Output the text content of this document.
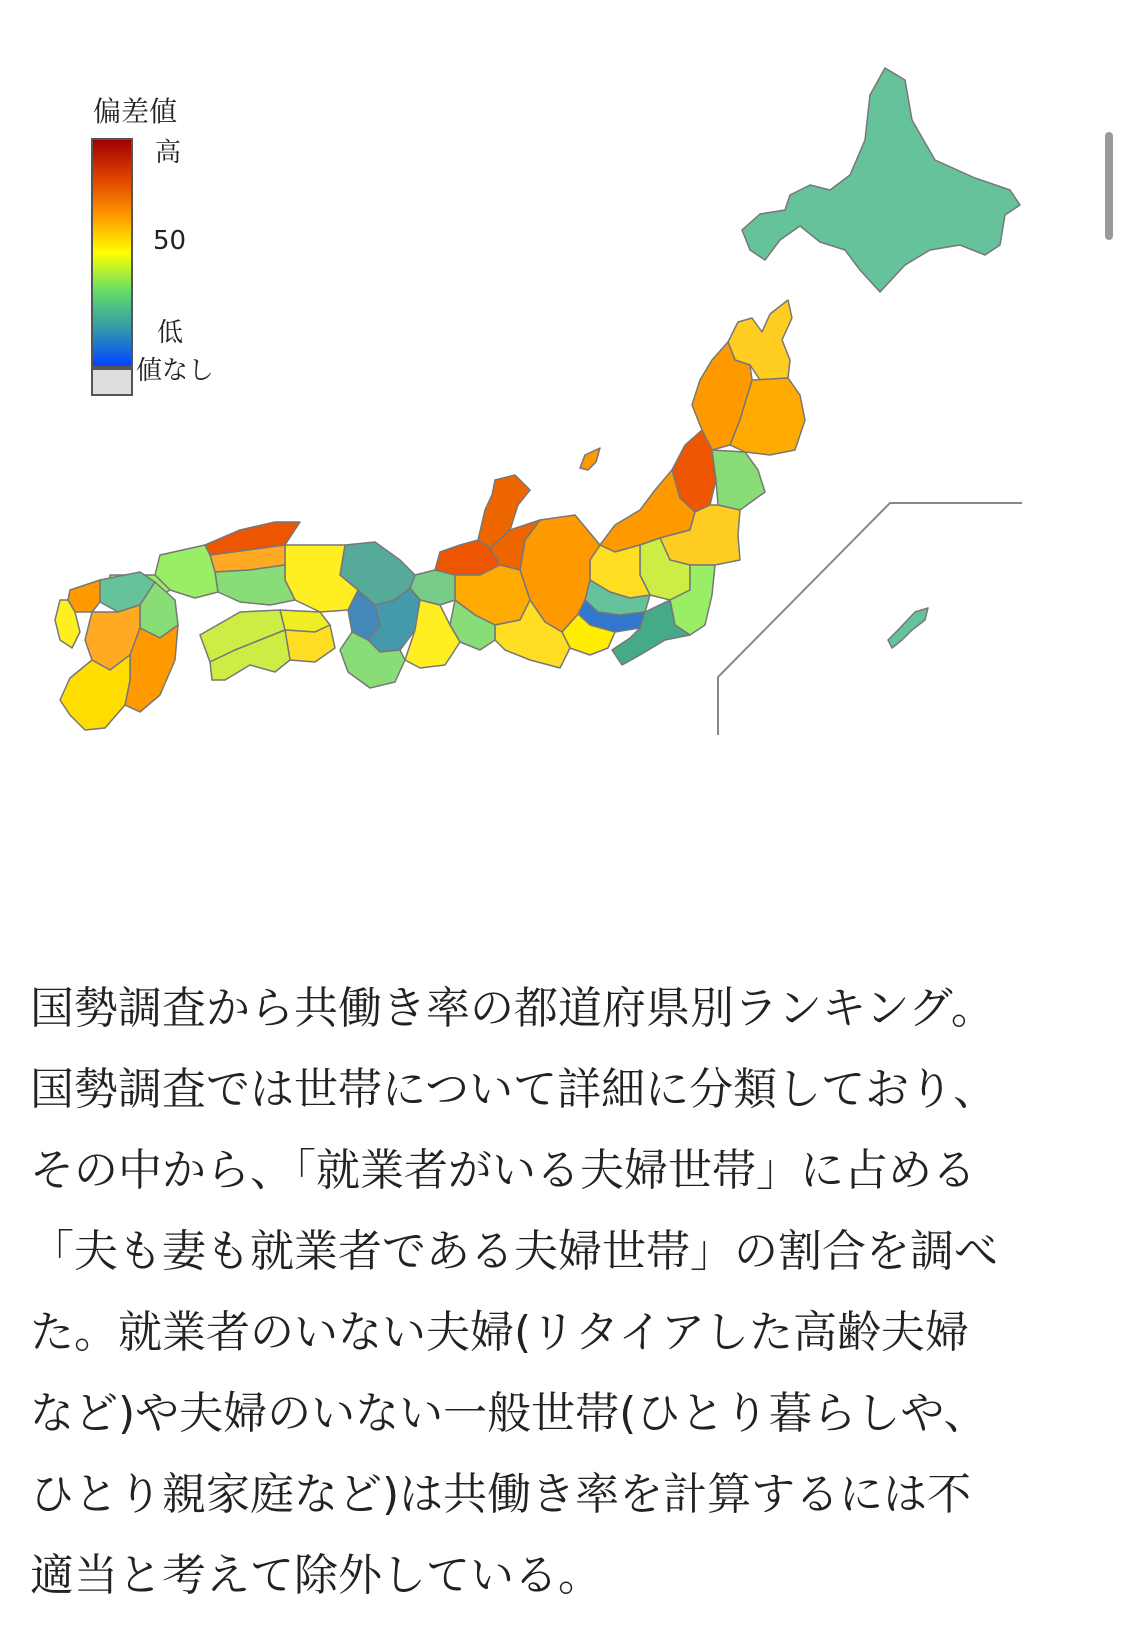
偏差値
高
50
低
値なし

国勢調査から共働き率の都道府県別ランキング。
国勢調査では世帯について詳細に分類しており、
その中から、「就業者がいる夫婦世帯」に占める
「夫も妻も就業者である夫婦世帯」の割合を調べ
た。就業者のいない夫婦(リタイアした高齢夫婦
など)や夫婦のいない一般世帯(ひとり暮らしや、
ひとり親家庭など)は共働き率を計算するには不
適当と考えて除外している。
